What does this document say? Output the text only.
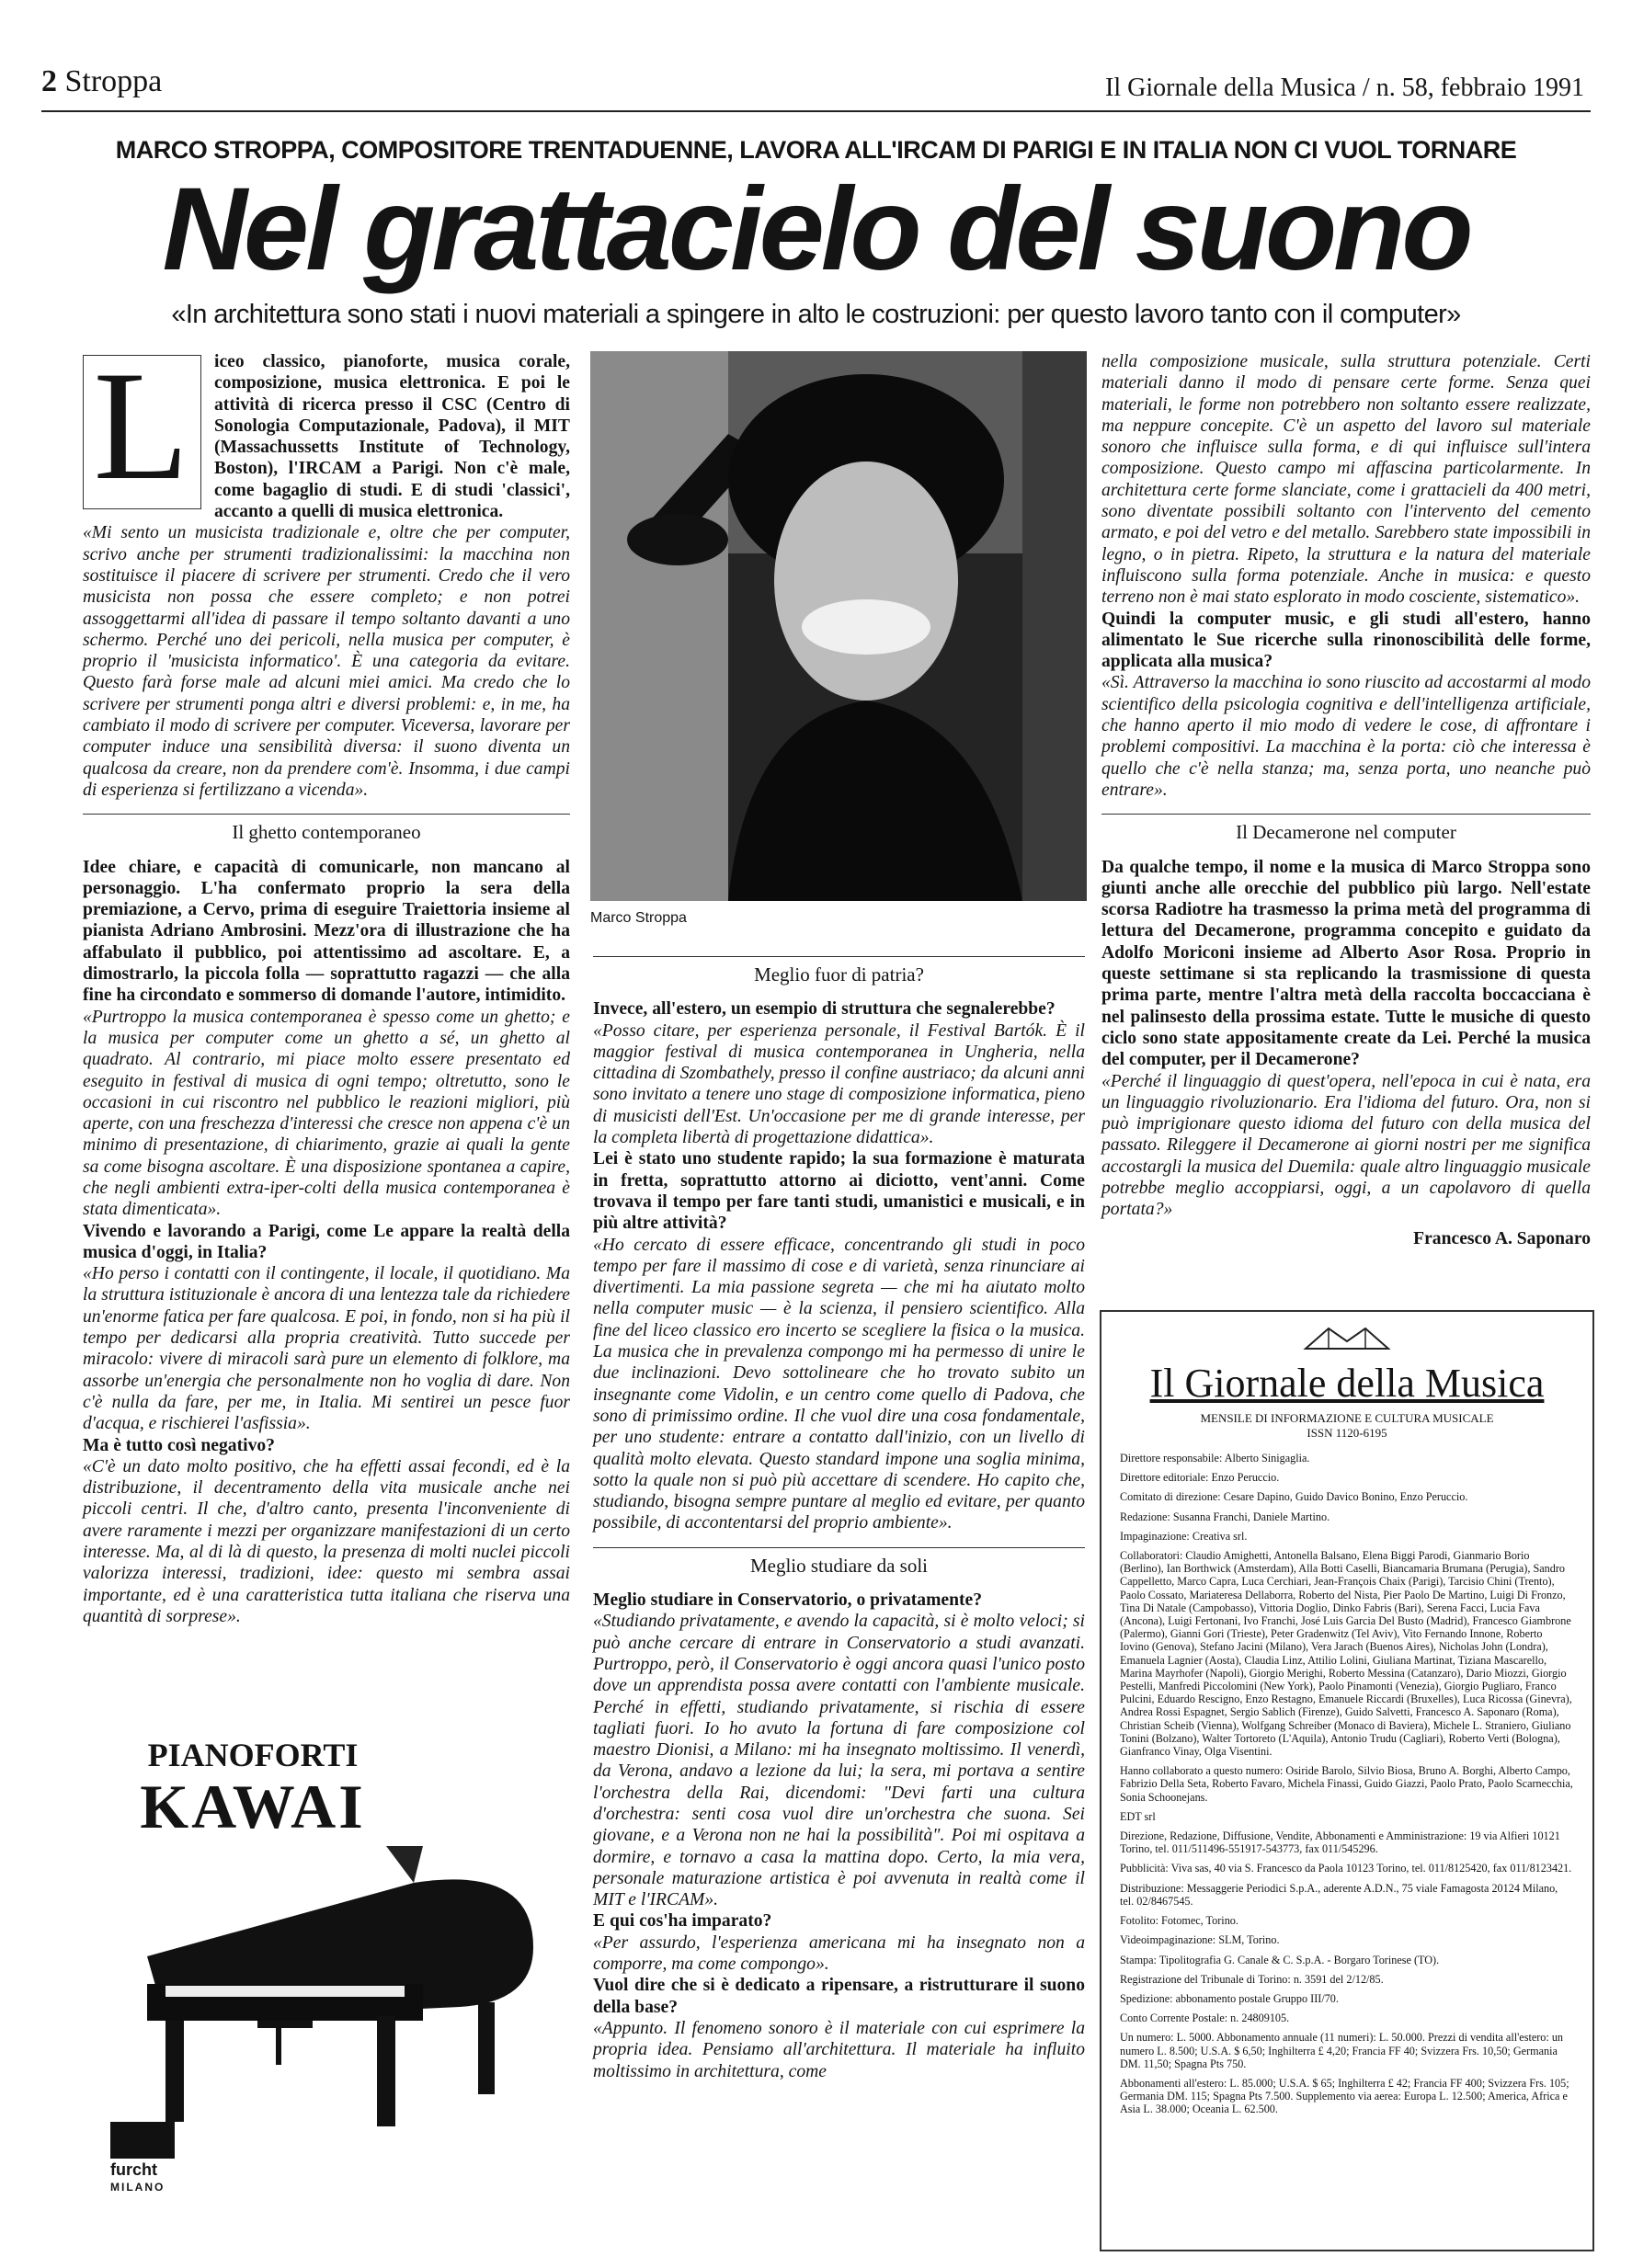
2 Stroppa	Il Giornale della Musica / n. 58, febbraio 1991
MARCO STROPPA, COMPOSITORE TRENTADUENNE, LAVORA ALL'IRCAM DI PARIGI E IN ITALIA NON CI VUOL TORNARE
Nel grattacielo del suono
«In architettura sono stati i nuovi materiali a spingere in alto le costruzioni: per questo lavoro tanto con il computer»
L	iceo classico, pianoforte, musica corale, composizione, musica elettronica. E poi le attività di ricerca presso il CSC (Centro di Sonologia Computazionale, Padova), il MIT (Massachussetts Institute of Technology, Boston), l'IRCAM a Parigi. Non c'è male, come bagaglio di studi. E di studi 'classici', accanto a quelli di musica elettronica.

«Mi sento un musicista tradizionale e, oltre che per computer, scrivo anche per strumenti tradizionalissimi: la macchina non sostituisce il piacere di scrivere per strumenti. Credo che il vero musicista non possa che essere completo; e non potrei assoggettarmi all'idea di passare il tempo soltanto davanti a uno schermo. Perché uno dei pericoli, nella musica per computer, è proprio il 'musicista informatico'. È una categoria da evitare. Questo farà forse male ad alcuni miei amici. Ma credo che lo scrivere per strumenti ponga altri e diversi problemi: e, in me, ha cambiato il modo di scrivere per computer. Viceversa, lavorare per computer induce una sensibilità diversa: il suono diventa un qualcosa da creare, non da prendere com'è. Insomma, i due campi di esperienza si fertilizzano a vicenda».

Il ghetto contemporaneo

Idee chiare, e capacità di comunicarle, non mancano al personaggio. L'ha confermato proprio la sera della premiazione, a Cervo, prima di eseguire Traiettoria insieme al pianista Adriano Ambrosini. Mezz'ora di illustrazione che ha affabulato il pubblico, poi attentissimo ad ascoltare. E, a dimostrarlo, la piccola folla — soprattutto ragazzi — che alla fine ha circondato e sommerso di domande l'autore, intimidito.

«Purtroppo la musica contemporanea è spesso come un ghetto; e la musica per computer come un ghetto a sé, un ghetto al quadrato. Al contrario, mi piace molto essere presentato ed eseguito in festival di musica di ogni tempo; oltretutto, sono le occasioni in cui riscontro nel pubblico le reazioni migliori, più aperte, con una freschezza d'interessi che cresce non appena c'è un minimo di presentazione, di chiarimento, grazie ai quali la gente sa come bisogna ascoltare. È una disposizione spontanea a capire, che negli ambienti extra-iper-colti della musica contemporanea è stata dimenticata».

Vivendo e lavorando a Parigi, come Le appare la realtà della musica d'oggi, in Italia?

«Ho perso i contatti con il contingente, il locale, il quotidiano. Ma la struttura istituzionale è ancora di una lentezza tale da richiedere un'enorme fatica per fare qualcosa. E poi, in fondo, non si ha più il tempo per dedicarsi alla propria creatività. Tutto succede per miracolo: vivere di miracoli sarà pure un elemento di folklore, ma assorbe un'energia che personalmente non ho voglia di dare. Non c'è nulla da fare, per me, in Italia. Mi sentirei un pesce fuor d'acqua, e rischierei l'asfissia».

Ma è tutto così negativo?

«C'è un dato molto positivo, che ha effetti assai fecondi, ed è la distribuzione, il decentramento della vita musicale anche nei piccoli centri. Il che, d'altro canto, presenta l'inconveniente di avere raramente i mezzi per organizzare manifestazioni di un certo interesse. Ma, al di là di questo, la presenza di molti nuclei piccoli valorizza interessi, tradizioni, idee: questo mi sembra assai importante, ed è una caratteristica tutta italiana che riserva una quantità di sorprese».

Marco Stroppa
Meglio fuor di patria?

Invece, all'estero, un esempio di struttura che segnalerebbe?

«Posso citare, per esperienza personale, il Festival Bartók. È il maggior festival di musica contemporanea in Ungheria, nella cittadina di Szombathely, presso il confine austriaco; da alcuni anni sono invitato a tenere uno stage di composizione informatica, pieno di musicisti dell'Est. Un'occasione per me di grande interesse, per la completa libertà di progettazione didattica».

Lei è stato uno studente rapido; la sua formazione è maturata in fretta, soprattutto attorno ai diciotto, vent'anni. Come trovava il tempo per fare tanti studi, umanistici e musicali, e in più altre attività?

«Ho cercato di essere efficace, concentrando gli studi in poco tempo per fare il massimo di cose e di varietà, senza rinunciare ai divertimenti. La mia passione segreta — che mi ha aiutato molto nella computer music — è la scienza, il pensiero scientifico. Alla fine del liceo classico ero incerto se scegliere la fisica o la musica. La musica che in prevalenza compongo mi ha permesso di unire le due inclinazioni. Devo sottolineare che ho trovato subito un insegnante come Vidolin, e un centro come quello di Padova, che sono di primissimo ordine. Il che vuol dire una cosa fondamentale, per uno studente: entrare a contatto dall'inizio, con un livello di qualità molto elevata. Questo standard impone una soglia minima, sotto la quale non si può più accettare di scendere. Ho capito che, studiando, bisogna sempre puntare al meglio ed evitare, per quanto possibile, di accontentarsi del proprio ambiente».

Meglio studiare da soli

Meglio studiare in Conservatorio, o privatamente?

«Studiando privatamente, e avendo la capacità, si è molto veloci; si può anche cercare di entrare in Conservatorio a studi avanzati. Purtroppo, però, il Conservatorio è oggi ancora quasi l'unico posto dove un apprendista possa avere contatti con l'ambiente musicale. Perché in effetti, studiando privatamente, si rischia di essere tagliati fuori. Io ho avuto la fortuna di fare composizione col maestro Dionisi, a Milano: mi ha insegnato moltissimo. Il venerdì, da Verona, andavo a lezione da lui; la sera, mi portava a sentire l'orchestra della Rai, dicendomi: "Devi farti una cultura d'orchestra: senti cosa vuol dire un'orchestra che suona. Sei giovane, e a Verona non ne hai la possibilità". Poi mi ospitava a dormire, e tornavo a casa la mattina dopo. Certo, la mia vera, personale maturazione artistica è poi avvenuta in realtà come il MIT e l'IRCAM».

E qui cos'ha imparato?

«Per assurdo, l'esperienza americana mi ha insegnato non a comporre, ma come compongo».

Vuol dire che si è dedicato a ripensare, a ristrutturare il suono della base?

«Appunto. Il fenomeno sonoro è il materiale con cui esprimere la propria idea. Pensiamo all'architettura. Il materiale ha influito moltissimo in architettura, come

nella composizione musicale, sulla struttura potenziale. Certi materiali danno il modo di pensare certe forme. Senza quei materiali, le forme non potrebbero non soltanto essere realizzate, ma neppure concepite. C'è un aspetto del lavoro sul materiale sonoro che influisce sulla forma, e di qui influisce sull'intera composizione. Questo campo mi affascina particolarmente. In architettura certe forme slanciate, come i grattacieli da 400 metri, sono diventate possibili soltanto con l'intervento del cemento armato, e poi del vetro e del metallo. Sarebbero state impossibili in legno, o in pietra. Ripeto, la struttura e la natura del materiale influiscono sulla forma potenziale. Anche in musica: e questo terreno non è mai stato esplorato in modo cosciente, sistematico».

Quindi la computer music, e gli studi all'estero, hanno alimentato le Sue ricerche sulla rinonoscibilità delle forme, applicata alla musica?

«Sì. Attraverso la macchina io sono riuscito ad accostarmi al modo scientifico della psicologia cognitiva e dell'intelligenza artificiale, che hanno aperto il mio modo di vedere le cose, di affrontare i problemi compositivi. La macchina è la porta: ciò che interessa è quello che c'è nella stanza; ma, senza porta, uno neanche può entrare».

Il Decamerone nel computer

Da qualche tempo, il nome e la musica di Marco Stroppa sono giunti anche alle orecchie del pubblico più largo. Nell'estate scorsa Radiotre ha trasmesso la prima metà del programma di lettura del Decamerone, programma concepito e guidato da Adolfo Moriconi insieme ad Alberto Asor Rosa. Proprio in queste settimane si sta replicando la trasmissione di questa prima parte, mentre l'altra metà della raccolta boccacciana è nel palinsesto della prossima estate. Tutte le musiche di questo ciclo sono state appositamente create da Lei. Perché la musica del computer, per il Decamerone?

«Perché il linguaggio di quest'opera, nell'epoca in cui è nata, era un linguaggio rivoluzionario. Era l'idioma del futuro. Ora, non si può imprigionare questo idioma del futuro con della musica del passato. Rileggere il Decamerone ai giorni nostri per me significa accostargli la musica del Duemila: quale altro linguaggio musicale potrebbe meglio accoppiarsi, oggi, a un capolavoro di quella portata?»

Francesco A. Saponaro

PIANOFORTI
KAWAI
furcht
MILANO
Il Giornale della Musica
MENSILE DI INFORMAZIONE E CULTURA MUSICALE
ISSN 1120-6195

Direttore responsabile: Alberto Sinigaglia.

Direttore editoriale: Enzo Peruccio.

Comitato di direzione: Cesare Dapino, Guido Davico Bonino, Enzo Peruccio.

Redazione: Susanna Franchi, Daniele Martino.

Impaginazione: Creativa srl.

Collaboratori: Claudio Amighetti, Antonella Balsano, Elena Biggi Parodi, Gianmario Borio (Berlino), Ian Borthwick (Amsterdam), Alla Botti Caselli, Biancamaria Brumana (Perugia), Sandro Cappelletto, Marco Capra, Luca Cerchiari, Jean-François Chaix (Parigi), Tarcisio Chini (Trento), Paolo Cossato, Mariateresa Dellaborra, Roberto del Nista, Pier Paolo De Martino, Luigi Di Fronzo, Tina Di Natale (Campobasso), Vittoria Doglio, Dinko Fabris (Bari), Serena Facci, Lucia Fava (Ancona), Luigi Fertonani, Ivo Franchi, José Luis Garcia Del Busto (Madrid), Francesco Giambrone (Palermo), Gianni Gori (Trieste), Peter Gradenwitz (Tel Aviv), Vito Fernando Innone, Roberto Iovino (Genova), Stefano Jacini (Milano), Vera Jarach (Buenos Aires), Nicholas John (Londra), Emanuela Lagnier (Aosta), Claudia Linz, Attilio Lolini, Giuliana Martinat, Tiziana Mascarello, Marina Mayrhofer (Napoli), Giorgio Merighi, Roberto Messina (Catanzaro), Dario Miozzi, Giorgio Pestelli, Manfredi Piccolomini (New York), Paolo Pinamonti (Venezia), Giorgio Pugliaro, Franco Pulcini, Eduardo Rescigno, Enzo Restagno, Emanuele Riccardi (Bruxelles), Luca Ricossa (Ginevra), Andrea Rossi Espagnet, Sergio Sablich (Firenze), Guido Salvetti, Francesco A. Saponaro (Roma), Christian Scheib (Vienna), Wolfgang Schreiber (Monaco di Baviera), Michele L. Straniero, Giuliano Tonini (Bolzano), Walter Tortoreto (L'Aquila), Antonio Trudu (Cagliari), Roberto Verti (Bologna), Gianfranco Vinay, Olga Visentini.

Hanno collaborato a questo numero: Osiride Barolo, Silvio Biosa, Bruno A. Borghi, Alberto Campo, Fabrizio Della Seta, Roberto Favaro, Michela Finassi, Guido Giazzi, Paolo Prato, Paolo Scarnecchia, Sonia Schoonejans.

EDT srl

Direzione, Redazione, Diffusione, Vendite, Abbonamenti e Amministrazione: 19 via Alfieri 10121 Torino, tel. 011/511496-551917-543773, fax 011/545296.

Pubblicità: Viva sas, 40 via S. Francesco da Paola 10123 Torino, tel. 011/8125420, fax 011/8123421.

Distribuzione: Messaggerie Periodici S.p.A., aderente A.D.N., 75 viale Famagosta 20124 Milano, tel. 02/8467545.

Fotolito: Fotomec, Torino.

Videoimpaginazione: SLM, Torino.

Stampa: Tipolitografia G. Canale & C. S.p.A. - Borgaro Torinese (TO).

Registrazione del Tribunale di Torino: n. 3591 del 2/12/85.

Spedizione: abbonamento postale Gruppo III/70.

Conto Corrente Postale: n. 24809105.

Un numero: L. 5000. Abbonamento annuale (11 numeri): L. 50.000. Prezzi di vendita all'estero: un numero L. 8.500; U.S.A. $ 6,50; Inghilterra £ 4,20; Francia FF 40; Svizzera Frs. 10,50; Germania DM. 11,50; Spagna Pts 750.

Abbonamenti all'estero: L. 85.000; U.S.A. $ 65; Inghilterra £ 42; Francia FF 400; Svizzera Frs. 105; Germania DM. 115; Spagna Pts 7.500. Supplemento via aerea: Europa L. 12.500; America, Africa e Asia L. 38.000; Oceania L. 62.500.
